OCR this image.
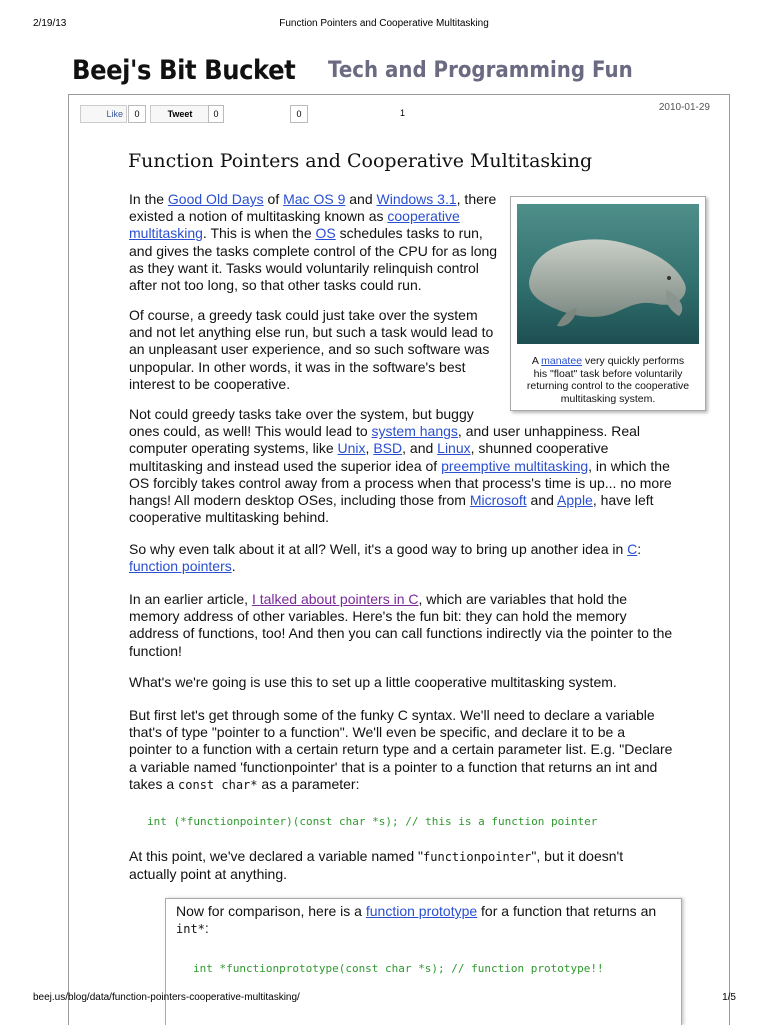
2/19/13	Function Pointers and Cooperative Multitasking
Beej's Bit Bucket Tech and Programming Fun
Like	0	Tweet	0	0	1	2010-01-29
Function Pointers and Cooperative Multitasking

In the Good Old Days of Mac OS 9 and Windows 3.1, there
existed a notion of multitasking known as cooperative
multitasking. This is when the OS schedules tasks to run,
and gives the tasks complete control of the CPU for as long
as they want it. Tasks would voluntarily relinquish control
after not too long, so that other tasks could run.

Of course, a greedy task could just take over the system
and not let anything else run, but such a task would lead to
an unpleasant user experience, and so such software was
unpopular. In other words, it was in the software's best
interest to be cooperative.

A manatee very quickly performs
his "float" task before voluntarily
returning control to the cooperative
multitasking system.

Not could greedy tasks take over the system, but buggy
ones could, as well! This would lead to system hangs, and user unhappiness. Real
computer operating systems, like Unix, BSD, and Linux, shunned cooperative
multitasking and instead used the superior idea of preemptive multitasking, in which the
OS forcibly takes control away from a process when that process's time is up... no more
hangs! All modern desktop OSes, including those from Microsoft and Apple, have left
cooperative multitasking behind.

So why even talk about it at all? Well, it's a good way to bring up another idea in C:
function pointers.

In an earlier article, I talked about pointers in C, which are variables that hold the
memory address of other variables. Here's the fun bit: they can hold the memory
address of functions, too! And then you can call functions indirectly via the pointer to the
function!

What's we're going is use this to set up a little cooperative multitasking system.

But first let's get through some of the funky C syntax. We'll need to declare a variable
that's of type "pointer to a function". We'll even be specific, and declare it to be a
pointer to a function with a certain return type and a certain parameter list. E.g. "Declare
a variable named 'functionpointer' that is a pointer to a function that returns an int and
takes a const char* as a parameter:

int (*functionpointer)(const char *s); // this is a function pointer

At this point, we've declared a variable named "functionpointer", but it doesn't
actually point at anything.

Now for comparison, here is a function prototype for a function that returns an
int*:

int *functionprototype(const char *s); // function prototype!!
beej.us/blog/data/function-pointers-cooperative-multitasking/	1/5
